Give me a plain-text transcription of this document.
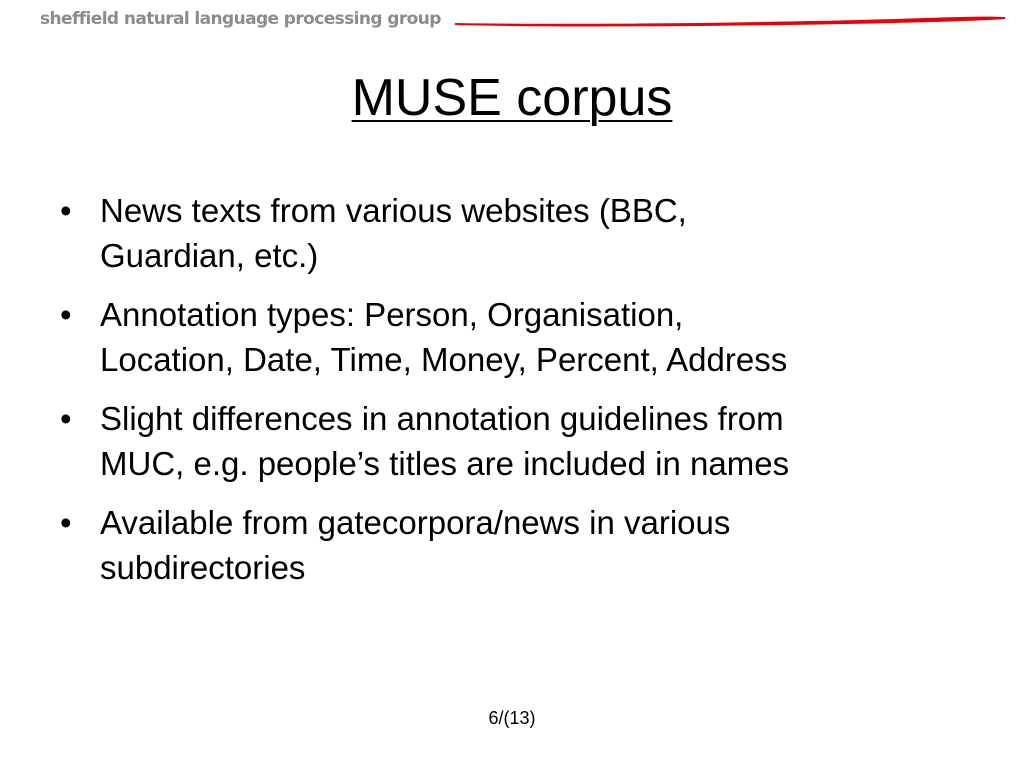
sheffield natural language processing group
MUSE corpus
• News texts from various websites (BBC,
Guardian, etc.)
• Annotation types: Person, Organisation,
Location, Date, Time, Money, Percent, Address
• Slight differences in annotation guidelines from
MUC, e.g. people’s titles are included in names
• Available from gatecorpora/news in various
subdirectories
6/(13)
